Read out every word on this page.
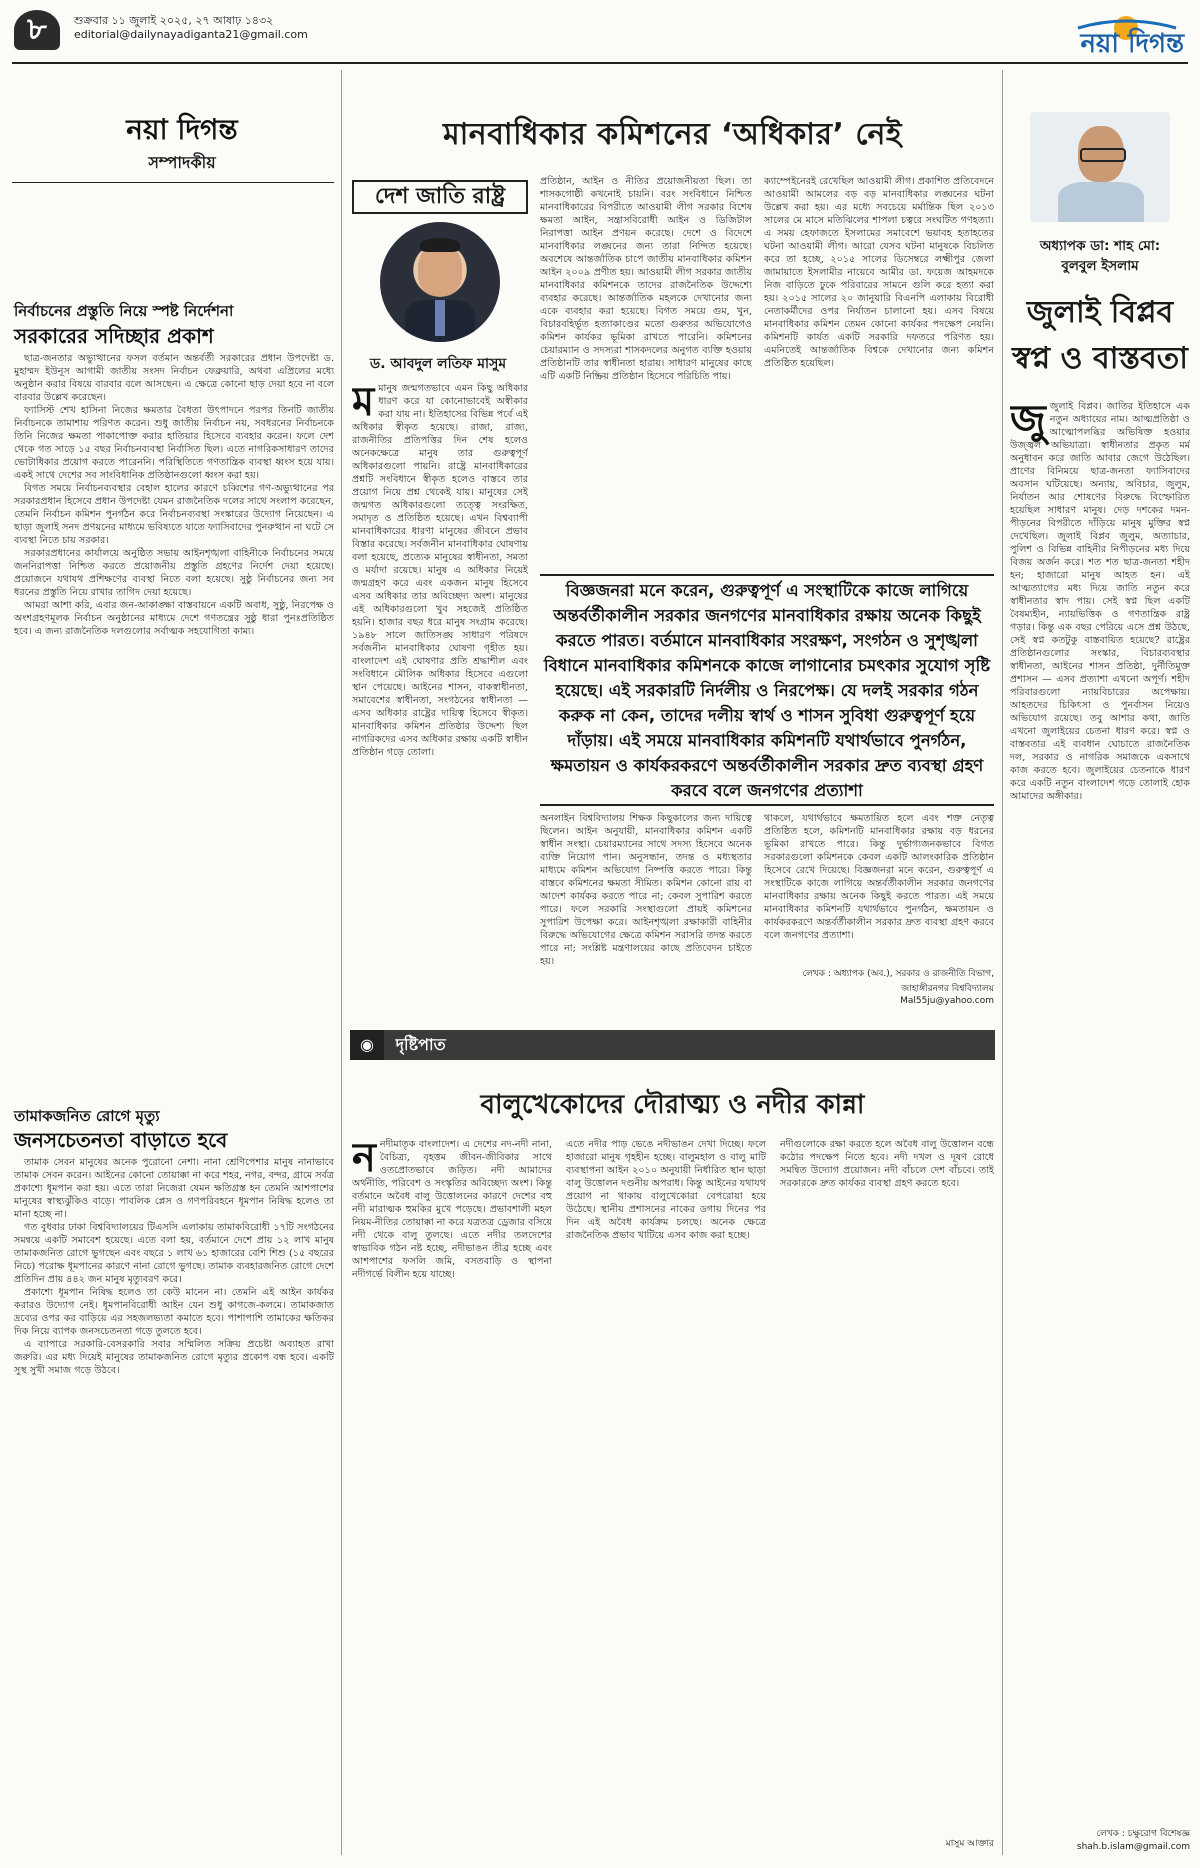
৮	শুক্রবার ১১ জুলাই ২০২৫, ২৭ আষাঢ় ১৪৩২
editorial@dailynayadiganta21@gmail.com	নয়া দিগন্ত
নয়া দিগন্ত
সম্পাদকীয়
নির্বাচনের প্রস্তুতি নিয়ে স্পষ্ট নির্দেশনা
সরকারের সদিচ্ছার প্রকাশ

ছাত্র-জনতার অভ্যুত্থানের ফসল বর্তমান অন্তর্বর্তী সরকারের প্রধান উপদেষ্টা ড. মুহাম্মদ ইউনূস আগামী জাতীয় সংসদ নির্বাচন ফেব্রুয়ারি, অথবা এপ্রিলের মধ্যে অনুষ্ঠান করার বিষয়ে বারবার বলে আসছেন। এ ক্ষেত্রে কোনো ছাড় দেয়া হবে না বলে বারবার উল্লেখ করেছেন।

ফ্যাসিস্ট শেখ হাসিনা নিজের ক্ষমতার বৈধতা উৎপাদনে পরপর তিনটি জাতীয় নির্বাচনকে তামাশায় পরিণত করেন। শুধু জাতীয় নির্বাচন নয়, সবধরনের নির্বাচনকে তিনি নিজের ক্ষমতা পাকাপোক্ত করার হাতিয়ার হিসেবে ব্যবহার করেন। ফলে দেশ থেকে গত সাড়ে ১৫ বছর নির্বাচনব্যবস্থা নির্বাসিত ছিল। এতে নাগরিকসাধারণ তাদের ভোটাধিকার প্রয়োগ করতে পারেননি। পরিস্থিতিতে গণতান্ত্রিক ব্যবস্থা ধ্বংস হয়ে যায়। একই সাথে দেশের সব সাংবিধানিক প্রতিষ্ঠানগুলো ধ্বংস করা হয়।

বিগত সময়ে নির্বাচনব্যবস্থার বেহাল হালের কারণে চব্বিশের গণ-অভ্যুত্থানের পর সরকারপ্রধান হিসেবে প্রধান উপদেষ্টা যেমন রাজনৈতিক দলের সাথে সংলাপ করেছেন, তেমনি নির্বাচন কমিশন পুনর্গঠন করে নির্বাচনব্যবস্থা সংস্কারের উদ্যোগ নিয়েছেন। এ ছাড়া জুলাই সনদ প্রণয়নের মাধ্যমে ভবিষ্যতে যাতে ফ্যাসিবাদের পুনরুত্থান না ঘটে সে ব্যবস্থা নিতে চায় সরকার।

সরকারপ্রধানের কার্যালয়ে অনুষ্ঠিত সভায় আইনশৃঙ্খলা বাহিনীকে নির্বাচনের সময়ে জননিরাপত্তা নিশ্চিত করতে প্রয়োজনীয় প্রস্তুতি গ্রহণের নির্দেশ দেয়া হয়েছে। প্রয়োজনে যথাযথ প্রশিক্ষণের ব্যবস্থা নিতে বলা হয়েছে। সুষ্ঠু নির্বাচনের জন্য সব ধরনের প্রস্তুতি নিয়ে রাখার তাগিদ দেয়া হয়েছে।

আমরা আশা করি, এবার জন-আকাঙ্ক্ষা বাস্তবায়নে একটি অবাধ, সুষ্ঠু, নিরপেক্ষ ও অংশগ্রহণমূলক নির্বাচন অনুষ্ঠানের মাধ্যমে দেশে গণতন্ত্রের সুষ্ঠু ধারা পুনঃপ্রতিষ্ঠিত হবে। এ জন্য রাজনৈতিক দলগুলোর সর্বাত্মক সহযোগিতা কাম্য।

তামাকজনিত রোগে মৃত্যু
জনসচেতনতা বাড়াতে হবে

তামাক সেবন মানুষের অনেক পুরোনো নেশা। নানা শ্রেণিপেশার মানুষ নানাভাবে তামাক সেবন করেন। আইনের কোনো তোয়াক্কা না করে শহর, নগর, বন্দর, গ্রামে সর্বত্র প্রকাশ্যে ধূমপান করা হয়। এতে তারা নিজেরা যেমন ক্ষতিগ্রস্ত হন তেমনি আশপাশের মানুষের স্বাস্থ্যঝুঁকিও বাড়ে। পাবলিক প্লেস ও গণপরিবহনে ধূমপান নিষিদ্ধ হলেও তা মানা হচ্ছে না।

গত বুধবার ঢাকা বিশ্ববিদ্যালয়ের টিএসসি এলাকায় তামাকবিরোধী ১৭টি সংগঠনের সমন্বয়ে একটি সমাবেশ হয়েছে। এতে বলা হয়, বর্তমানে দেশে প্রায় ১২ লাখ মানুষ তামাকজনিত রোগে ভুগছেন এবং বছরে ১ লাখ ৬১ হাজারের বেশি শিশু (১৫ বছরের নিচে) পরোক্ষ ধূমপানের কারণে নানা রোগে ভুগছে। তামাক ব্যবহারজনিত রোগে দেশে প্রতিদিন প্রায় ৪৪২ জন মানুষ মৃত্যুবরণ করে।

প্রকাশ্যে ধূমপান নিষিদ্ধ হলেও তা কেউ মানেন না। তেমনি এই আইন কার্যকর করারও উদ্যোগ নেই। ধূমপানবিরোধী আইন যেন শুধু কাগজে-কলমে। তামাকজাত দ্রব্যের ওপর কর বাড়িয়ে এর সহজলভ্যতা কমাতে হবে। পাশাপাশি তামাকের ক্ষতিকর দিক নিয়ে ব্যাপক জনসচেতনতা গড়ে তুলতে হবে।

এ ব্যাপারে সরকারি-বেসরকারি সবার সম্মিলিত সক্রিয় প্রচেষ্টা অব্যাহত রাখা জরুরি। এর মধ্য দিয়েই মানুষের তামাকজনিত রোগে মৃত্যুর প্রকোপ বন্ধ হবে। একটি সুস্থ সুখী সমাজ গড়ে উঠবে।

মানবাধিকার কমিশনের ‘অধিকার’ নেই
দেশ জাতি রাষ্ট্র
ড. আবদুল লতিফ মাসুম
মমানুষ জন্মগতভাবে এমন কিছু অধিকার ধারণ করে যা কোনোভাবেই অস্বীকার করা যায় না। ইতিহাসের বিভিন্ন পর্বে এই অধিকার স্বীকৃত হয়েছে। রাজা, রাজ্য, রাজনীতির প্রতিপত্তির দিন শেষ হলেও অনেকক্ষেত্রে মানুষ তার গুরুত্বপূর্ণ অধিকারগুলো পায়নি। রাষ্ট্রে মানবাধিকারের প্রশ্নটি সংবিধানে স্বীকৃত হলেও বাস্তবে তার প্রয়োগ নিয়ে প্রশ্ন থেকেই যায়। মানুষের সেই জন্মগত অধিকারগুলো তত্ত্বে সংরক্ষিত, সমাদৃত ও প্রতিষ্ঠিত হয়েছে। এখন বিশ্বব্যাপী মানবাধিকারের ধারণা মানুষের জীবনে প্রভাব বিস্তার করেছে। সর্বজনীন মানবাধিকার ঘোষণায় বলা হয়েছে, প্রত্যেক মানুষের স্বাধীনতা, সমতা ও মর্যাদা রয়েছে। মানুষ এ অধিকার নিয়েই জন্মগ্রহণ করে এবং একজন মানুষ হিসেবে এসব অধিকার তার অবিচ্ছেদ্য অংশ। মানুষের এই অধিকারগুলো খুব সহজেই প্রতিষ্ঠিত হয়নি। হাজার বছর ধরে মানুষ সংগ্রাম করেছে। ১৯৪৮ সালে জাতিসঙ্ঘ সাধারণ পরিষদে সর্বজনীন মানবাধিকার ঘোষণা গৃহীত হয়। বাংলাদেশ এই ঘোষণার প্রতি শ্রদ্ধাশীল এবং সংবিধানে মৌলিক অধিকার হিসেবে এগুলো স্থান পেয়েছে। আইনের শাসন, বাকস্বাধীনতা, সমাবেশের স্বাধীনতা, সংগঠনের স্বাধীনতা — এসব অধিকার রাষ্ট্রের দায়িত্ব হিসেবে স্বীকৃত। মানবাধিকার কমিশন প্রতিষ্ঠার উদ্দেশ্য ছিল নাগরিকদের এসব অধিকার রক্ষায় একটি স্বাধীন প্রতিষ্ঠান গড়ে তোলা।
প্রতিষ্ঠান, আইন ও নীতির প্রয়োজনীয়তা ছিল। তা শাসকগোষ্ঠী কখনোই চায়নি। বরং সংবিধানে নিশ্চিত মানবাধিকারের বিপরীতে আওয়ামী লীগ সরকার বিশেষ ক্ষমতা আইন, সন্ত্রাসবিরোধী আইন ও ডিজিটাল নিরাপত্তা আইন প্রণয়ন করেছে। দেশে ও বিদেশে মানবাধিকার লঙ্ঘনের জন্য তারা নিন্দিত হয়েছে। অবশেষে আন্তর্জাতিক চাপে জাতীয় মানবাধিকার কমিশন আইন ২০০৯ প্রণীত হয়। আওয়ামী লীগ সরকার জাতীয় মানবাধিকার কমিশনকে তাদের রাজনৈতিক উদ্দেশ্যে ব্যবহার করেছে। আন্তর্জাতিক মহলকে দেখানোর জন্য একে ব্যবহার করা হয়েছে। বিগত সময়ে গুম, খুন, বিচারবহির্ভূত হত্যাকাণ্ডের মতো গুরুতর অভিযোগেও কমিশন কার্যকর ভূমিকা রাখতে পারেনি। কমিশনের চেয়ারম্যান ও সদস্যরা শাসকদলের অনুগত ব্যক্তি হওয়ায় প্রতিষ্ঠানটি তার স্বাধীনতা হারায়। সাধারণ মানুষের কাছে এটি একটি নিষ্ক্রিয় প্রতিষ্ঠান হিসেবে পরিচিতি পায়।
ক্যাম্পেইনেরই রেখেছিল আওয়ামী লীগ। প্রকাশিত প্রতিবেদনে আওয়ামী আমলের বড় বড় মানবাধিকার লঙ্ঘনের ঘটনা উল্লেখ করা হয়। এর মধ্যে সবচেয়ে মর্মান্তিক ছিল ২০১৩ সালের মে মাসে মতিঝিলের শাপলা চত্বরে সংঘটিত গণহত্যা। এ সময় হেফাজতে ইসলামের সমাবেশে ভয়াবহ হতাহতের ঘটনা আওয়ামী লীগ। আরো যেসব ঘটনা মানুষকে বিচলিত করে তা হচ্ছে, ২০১৫ সালের ডিসেম্বরে লক্ষ্মীপুর জেলা জামায়াতে ইসলামীর নায়েবে আমীর ডা. ফয়েজ আহমদকে নিজ বাড়িতে ঢুকে পরিবারের সামনে গুলি করে হত্যা করা হয়। ২০১৫ সালের ২০ জানুয়ারি বিএনপি এলাকায় বিরোধী নেতাকর্মীদের ওপর নির্যাতন চালানো হয়। এসব বিষয়ে মানবাধিকার কমিশন তেমন কোনো কার্যকর পদক্ষেপ নেয়নি। কমিশনটি কার্যত একটি সরকারি দফতরে পরিণত হয়। এমনিতেই আন্তর্জাতিক বিশ্বকে দেখানোর জন্য কমিশন প্রতিষ্ঠিত হয়েছিল।
বিজ্ঞজনরা মনে করেন, গুরুত্বপূর্ণ এ সংস্থাটিকে কাজে লাগিয়ে অন্তর্বর্তীকালীন সরকার জনগণের মানবাধিকার রক্ষায় অনেক কিছুই করতে পারত। বর্তমানে মানবাধিকার সংরক্ষণ, সংগঠন ও সুশৃঙ্খলা বিধানে মানবাধিকার কমিশনকে কাজে লাগানোর চমৎকার সুযোগ সৃষ্টি হয়েছে। এই সরকারটি নির্দলীয় ও নিরপেক্ষ। যে দলই সরকার গঠন করুক না কেন, তাদের দলীয় স্বার্থ ও শাসন সুবিধা গুরুত্বপূর্ণ হয়ে দাঁড়ায়। এই সময়ে মানবাধিকার কমিশনটি যথার্থভাবে পুনর্গঠন, ক্ষমতায়ন ও কার্যকরকরণে অন্তর্বর্তীকালীন সরকার দ্রুত ব্যবস্থা গ্রহণ করবে বলে জনগণের প্রত্যাশা
অনলাইন বিশ্ববিদ্যালয় শিক্ষক কিছুকালের জন্য দায়িত্বে ছিলেন। আইন অনুযায়ী, মানবাধিকার কমিশন একটি স্বাধীন সংস্থা। চেয়ারম্যানের সাথে সদস্য হিসেবে অনেক ব্যক্তি নিয়োগ পান। অনুসন্ধান, তদন্ত ও মধ্যস্থতার মাধ্যমে কমিশন অভিযোগ নিষ্পত্তি করতে পারে। কিন্তু বাস্তবে কমিশনের ক্ষমতা সীমিত। কমিশন কোনো রায় বা আদেশ কার্যকর করতে পারে না; কেবল সুপারিশ করতে পারে। ফলে সরকারি সংস্থাগুলো প্রায়ই কমিশনের সুপারিশ উপেক্ষা করে। আইনশৃঙ্খলা রক্ষাকারী বাহিনীর বিরুদ্ধে অভিযোগের ক্ষেত্রে কমিশন সরাসরি তদন্ত করতে পারে না; সংশ্লিষ্ট মন্ত্রণালয়ের কাছে প্রতিবেদন চাইতে হয়।
থাকলে, যথার্থভাবে ক্ষমতায়িত হলে এবং শক্ত নেতৃত্ব প্রতিষ্ঠিত হলে, কমিশনটি মানবাধিকার রক্ষায় বড় ধরনের ভূমিকা রাখতে পারে। কিন্তু দুর্ভাগ্যজনকভাবে বিগত সরকারগুলো কমিশনকে কেবল একটি আলংকারিক প্রতিষ্ঠান হিসেবে রেখে দিয়েছে। বিজ্ঞজনরা মনে করেন, গুরুত্বপূর্ণ এ সংস্থাটিকে কাজে লাগিয়ে অন্তর্বর্তীকালীন সরকার জনগণের মানবাধিকার রক্ষায় অনেক কিছুই করতে পারত। এই সময়ে মানবাধিকার কমিশনটি যথার্থভাবে পুনর্গঠন, ক্ষমতায়ন ও কার্যকরকরণে অন্তর্বর্তীকালীন সরকার দ্রুত ব্যবস্থা গ্রহণ করবে বলে জনগণের প্রত্যাশা।
লেখক : অধ্যাপক (অব.), সরকার ও রাজনীতি বিভাগ, জাহাঙ্গীরনগর বিশ্ববিদ্যালয়
Mal55ju@yahoo.com
◉ দৃষ্টিপাত
বালুখেকোদের দৌরাত্ম্য ও নদীর কান্না
ননদীমাতৃক বাংলাদেশ। এ দেশের নদ-নদী নানা, বৈচিত্র্য, বৃহত্তম জীবন-জীবিকার সাথে ওতপ্রোতভাবে জড়িত। নদী আমাদের অর্থনীতি, পরিবেশ ও সংস্কৃতির অবিচ্ছেদ্য অংশ। কিন্তু বর্তমানে অবৈধ বালু উত্তোলনের কারণে দেশের বহু নদী মারাত্মক হুমকির মুখে পড়েছে। প্রভাবশালী মহল নিয়ম-নীতির তোয়াক্কা না করে যত্রতত্র ড্রেজার বসিয়ে নদী থেকে বালু তুলছে। এতে নদীর তলদেশের স্বাভাবিক গঠন নষ্ট হচ্ছে, নদীভাঙন তীব্র হচ্ছে এবং আশপাশের ফসলি জমি, বসতবাড়ি ও স্থাপনা নদীগর্ভে বিলীন হয়ে যাচ্ছে।
এতে নদীর পাড় ভেঙে নদীভাঙন দেখা দিচ্ছে। ফলে হাজারো মানুষ গৃহহীন হচ্ছে। বালুমহাল ও বালু মাটি ব্যবস্থাপনা আইন ২০১০ অনুযায়ী নির্ধারিত স্থান ছাড়া বালু উত্তোলন দণ্ডনীয় অপরাধ। কিন্তু আইনের যথাযথ প্রয়োগ না থাকায় বালুখেকোরা বেপরোয়া হয়ে উঠেছে। স্থানীয় প্রশাসনের নাকের ডগায় দিনের পর দিন এই অবৈধ কার্যক্রম চলছে। অনেক ক্ষেত্রে রাজনৈতিক প্রভাব খাটিয়ে এসব কাজ করা হচ্ছে।
নদীগুলোকে রক্ষা করতে হলে অবৈধ বালু উত্তোলন বন্ধে কঠোর পদক্ষেপ নিতে হবে। নদী দখল ও দূষণ রোধে সমন্বিত উদ্যোগ প্রয়োজন। নদী বাঁচলে দেশ বাঁচবে। তাই সরকারকে দ্রুত কার্যকর ব্যবস্থা গ্রহণ করতে হবে।
মাসুম আক্তার
অধ্যাপক ডা: শাহ মো:
বুলবুল ইসলাম
জুলাই বিপ্লব
স্বপ্ন ও বাস্তবতা
জুজুলাই বিপ্লব। জাতির ইতিহাসে এক নতুন অধ্যায়ের নাম। আত্মপ্রতিষ্ঠা ও আত্মোপলব্ধির অভিষিক্ত হওয়ার উজ্জ্বল অভিযাত্রা। স্বাধীনতার প্রকৃত মর্ম অনুধাবন করে জাতি আবার জেগে উঠেছিল। প্রাণের বিনিময়ে ছাত্র-জনতা ফ্যাসিবাদের অবসান ঘটিয়েছে। অন্যায়, অবিচার, জুলুম, নির্যাতন আর শোষণের বিরুদ্ধে বিস্ফোরিত হয়েছিল সাধারণ মানুষ। দেড় দশকের দমন-পীড়নের বিপরীতে দাঁড়িয়ে মানুষ মুক্তির স্বপ্ন দেখেছিল। জুলাই বিপ্লব জুলুম, অত্যাচার, পুলিশ ও বিভিন্ন বাহিনীর নিপীড়নের মধ্য দিয়ে বিজয় অর্জন করে। শত শত ছাত্র-জনতা শহীদ হন; হাজারো মানুষ আহত হন। এই আত্মত্যাগের মধ্য দিয়ে জাতি নতুন করে স্বাধীনতার স্বাদ পায়। সেই স্বপ্ন ছিল একটি বৈষম্যহীন, ন্যায়ভিত্তিক ও গণতান্ত্রিক রাষ্ট্র গড়ার। কিন্তু এক বছর পেরিয়ে এসে প্রশ্ন উঠছে, সেই স্বপ্ন কতটুকু বাস্তবায়িত হয়েছে? রাষ্ট্রের প্রতিষ্ঠানগুলোর সংস্কার, বিচারব্যবস্থার স্বাধীনতা, আইনের শাসন প্রতিষ্ঠা, দুর্নীতিমুক্ত প্রশাসন — এসব প্রত্যাশা এখনো অপূর্ণ। শহীদ পরিবারগুলো ন্যায়বিচারের অপেক্ষায়। আহতদের চিকিৎসা ও পুনর্বাসন নিয়েও অভিযোগ রয়েছে। তবু আশার কথা, জাতি এখনো জুলাইয়ের চেতনা ধারণ করে। স্বপ্ন ও বাস্তবতার এই ব্যবধান ঘোচাতে রাজনৈতিক দল, সরকার ও নাগরিক সমাজকে একসাথে কাজ করতে হবে। জুলাইয়ের চেতনাকে ধারণ করে একটি নতুন বাংলাদেশ গড়ে তোলাই হোক আমাদের অঙ্গীকার।
লেখক : চক্ষুরোগ বিশেষজ্ঞ
shah.b.islam@gmail.com
